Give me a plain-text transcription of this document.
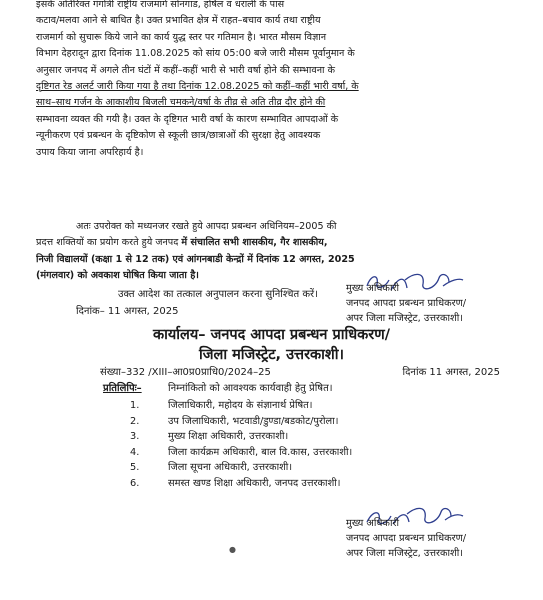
इसके अतिरिक्त गंगोत्री राष्ट्रीय राजमार्ग सोनगाड, हर्षिल व धराली के पास
कटाव/मलवा आने से बाधित है। उक्त प्रभावित क्षेत्र में राहत–बचाव कार्य तथा राष्ट्रीय
राजमार्ग को सुचारू किये जाने का कार्य युद्ध स्तर पर गतिमान है। भारत मौसम विज्ञान
विभाग देहरादून द्वारा दिनांक 11.08.2025 को सांय 05:00 बजे जारी मौसम पूर्वानुमान के
अनुसार जनपद में अगले तीन घंटों में कहीं–कहीं भारी से भारी वर्षा होने की सम्भावना के
दृष्टिगत रेड अलर्ट जारी किया गया है तथा दिनांक 12.08.2025 को कहीं–कहीं भारी वर्षा, के
साथ–साथ गर्जन के आकाशीय बिजली चमकने/वर्षा के तीव्र से अति तीव्र दौर होने की
सम्भावना व्यक्त की गयी है। उक्त के दृष्टिगत भारी वर्षा के कारण सम्भावित आपदाओं के
न्यूनीकरण एवं प्रबन्धन के दृष्टिकोण से स्कूली छात्र/छात्राओं की सुरक्षा हेतु आवश्यक
उपाय किया जाना अपरिहार्य है।
अतः उपरोक्त को मध्यनजर रखते हुये आपदा प्रबन्धन अधिनियम–2005 की
प्रदत्त शक्तियों का प्रयोग करते हुये जनपद में संचालित सभी शासकीय, गैर शासकीय,
निजी विद्यालयों (कक्षा 1 से 12 तक) एवं आंगनबाडी केन्द्रों में दिनांक 12 अगस्त, 2025
(मंगलवार) को अवकाश घोषित किया जाता है।
उक्त आदेश का तत्काल अनुपालन करना सुनिश्चित करें।
दिनांक– 11 अगस्त, 2025
मुख्य अधिकारी
जनपद आपदा प्रबन्धन प्राधिकरण/
अपर जिला मजिस्ट्रेट, उत्तरकाशी।
कार्यालय– जनपद आपदा प्रबन्धन प्राधिकरण/
जिला मजिस्ट्रेट, उत्तरकाशी।
संख्या–332 /XIII–आ0प्र0प्राधि0/2024–25	दिनांक 11 अगस्त, 2025
प्रतिलिपिः–	निम्नांकितो को आवश्यक कार्यवाही हेतु प्रेषित।
1.	जिलाधिकारी, महोदय के संज्ञानार्थ प्रेषित।
2.	उप जिलाधिकारी, भटवाडी/डुण्डा/बडकोट/पुरोला।
3.	मुख्य शिक्षा अधिकारी, उत्तरकाशी।
4.	जिला कार्यक्रम अधिकारी, बाल वि.कास, उत्तरकाशी।
5.	जिला सूचना अधिकारी, उत्तरकाशी।
6.	समस्त खण्ड शिक्षा अधिकारी, जनपद उत्तरकाशी।
●
मुख्य अधिकारी
जनपद आपदा प्रबन्धन प्राधिकरण/
अपर जिला मजिस्ट्रेट, उत्तरकाशी।
